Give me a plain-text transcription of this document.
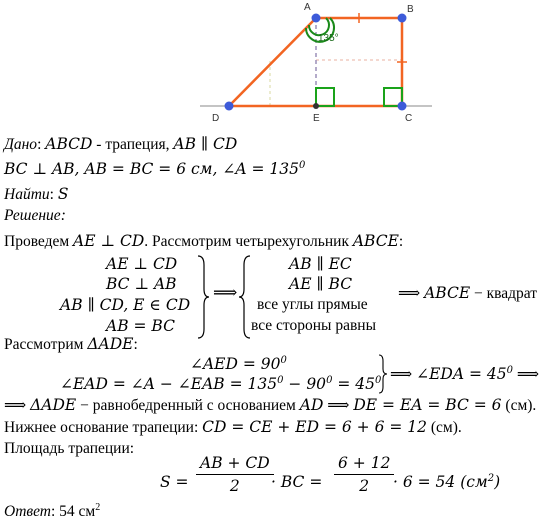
135°
A	B
C
D	E
Дано: ABCD - трапеция, AB ∥ CD
BC ⊥ AB, AB = BC = 6 см, ∠A = $135^0$
Найти: S
Решение:
Проведем AE ⊥ CD. Рассмотрим четырехугольник ABCE:
AE ⊥ CD
BC ⊥ AB
AB ∥ CD, E ∈ CD
AB = BC
⟹
AB ∥ EC
AE ∥ BC
все углы прямые
все стороны равны
⟹ ABCE − квадрат
Рассмотрим ΔADE:
∠AED = $90^0$
∠EAD = ∠A − ∠EAB = $135^0 - 90^0 = 45^0$ ⟹ ∠EDA = $45^0$ ⟹
⟹ ΔADE − равнобедренный с основанием AD ⟹ DE = EA = BC = 6 (см).
Нижнее основание трапеции: CD = CE + ED = 6 + 6 = 12 (см).
Площадь трапеции:
$S = \frac{AB + CD}{2}$
· BC = $\frac{6 + 12}{2}$
· 6 = 54 $(см^2)$
Ответ: 54 $см^2$
